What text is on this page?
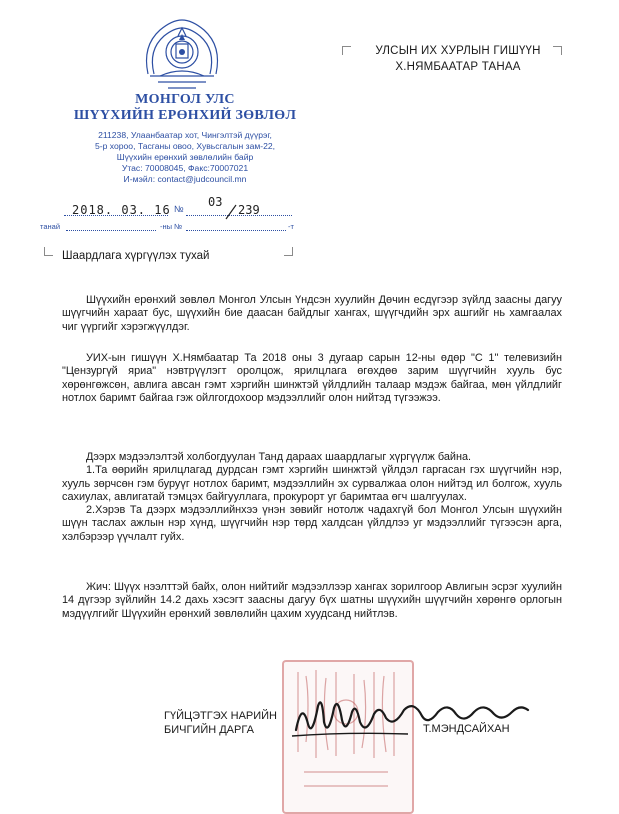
МОНГОЛ УЛС
ШҮҮХИЙН ЕРӨНХИЙ ЗӨВЛӨЛ
211238, Улаанбаатар хот, Чингэлтэй дүүрэг,
5-р хороо, Тасганы овоо, Хувьсгалын зам-22,
Шүүхийн ерөнхий зөвлөлийн байр
Утас: 70008045, Факс:70007021
И-мэйл: contact@judcouncil.mn
2018. 03. 16 № 03
239
танай	-ны №	-т
УЛСЫН ИХ ХУРЛЫН ГИШҮҮН
Х.НЯМБААТАР ТАНАА
Шаардлага хүргүүлэх тухай

Шүүхийн ерөнхий зөвлөл Монгол Улсын Үндсэн хуулийн Дөчин есдүгээр зүйлд заасны дагуу шүүгчийн хараат бус, шүүхийн бие даасан байдлыг хангах, шүүгчдийн эрх ашгийг нь хамгаалах чиг үүргийг хэрэгжүүлдэг.

УИХ-ын гишүүн Х.Нямбаатар Та 2018 оны 3 дугаар сарын 12-ны өдөр "С 1" телевизийн "Цензургүй яриа" нэвтрүүлэгт оролцож, ярилцлага өгөхдөө зарим шүүгчийн хууль бус хөрөнгөжсөн, авлига авсан гэмт хэргийн шинжтэй үйлдлийн талаар мэдэж байгаа, мөн үйлдлийг нотлох баримт байгаа гэж ойлгогдохоор мэдээллийг олон нийтэд түгээжээ.

Дээрх мэдээлэлтэй холбогдуулан Танд дараах шаардлагыг хүргүүлж байна.

1.Та өөрийн ярилцлагад дурдсан гэмт хэргийн шинжтэй үйлдэл гаргасан гэх шүүгчийн нэр, хууль зөрчсөн гэм буруүг нотлох баримт, мэдээллийн эх сурвалжаа олон нийтэд ил болгож, хууль сахиулах, авлигатай тэмцэх байгууллага, прокурорт уг баримтаа өгч шалгуулах.

2.Хэрэв Та дээрх мэдээллийнхээ үнэн зөвийг нотолж чадахгүй бол Монгол Улсын шүүхийн шүүн таслах ажлын нэр хүнд, шүүгчийн нэр төрд халдсан үйлдлээ уг мэдээллийг түгээсэн арга, хэлбэрээр үүчлалт гуйх.

Жич: Шүүх нээлттэй байх, олон нийтийг мэдээллээр хангах зорилгоор Авлигын эсрэг хуулийн 14 дүгээр зүйлийн 14.2 дахь хэсэгт заасны дагуу бүх шатны шүүхийн шүүгчийн хөрөнгө орлогын мэдүүлгийг Шүүхийн ерөнхий зөвлөлийн цахим хуудсанд нийтлэв.

ГҮЙЦЭТГЭХ НАРИЙН
БИЧГИЙН ДАРГА	Т.МЭНДСАЙХАН
